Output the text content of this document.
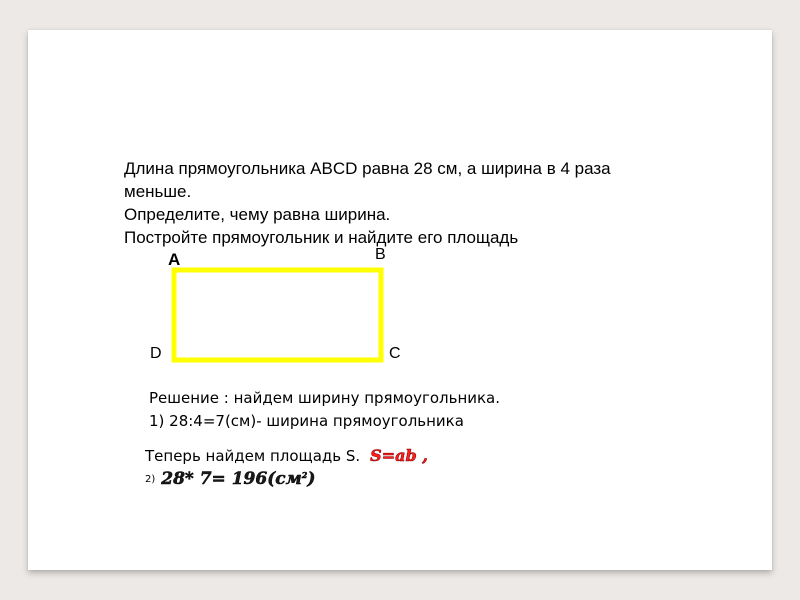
Длина прямоугольника ABCD равна 28 см, а ширина в 4 раза
меньше.
Определите, чему равна ширина.
Постройте прямоугольник и найдите его площадь
А	В
С
D
Решение : найдем ширину прямоугольника.
1) 28:4=7(см)- ширина прямоугольника
Теперь найдем площадь S. S=ab ,
2) 28* $7= 196(см^2)$
